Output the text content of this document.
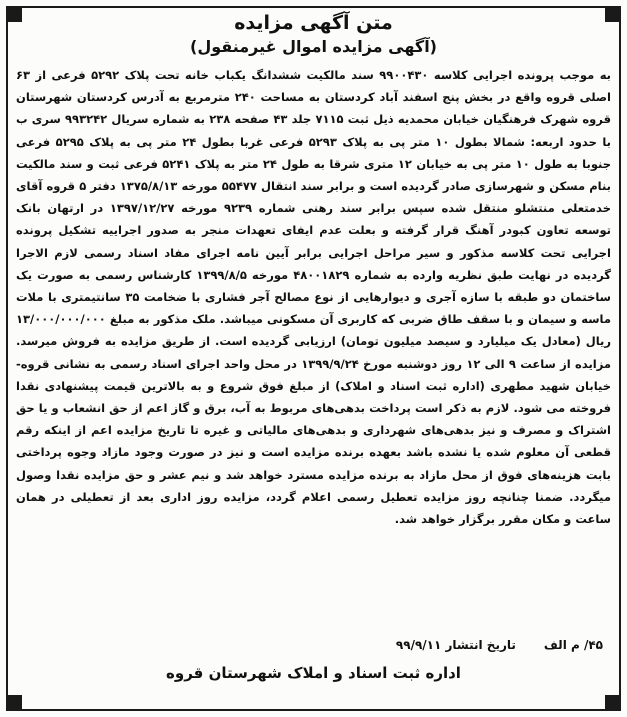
متن آگهی مزایده
(آگهی مزایده اموال غیرمنقول)

به موجب پرونده اجرایی کلاسه ۹۹۰۰۴۳۰ سند مالکیت ششدانگ یکباب خانه تحت پلاک ۵۲۹۲ فرعی از ۶۳ اصلی قروه واقع در بخش پنج اسفند آباد کردستان به مساحت ۲۴۰ مترمربع به آدرس کردستان شهرستان قروه شهرک فرهنگیان خیابان محمدیه ذیل ثبت ۷۱۱۵ جلد ۴۳ صفحه ۲۳۸ به شماره سریال ۹۹۳۲۴۲ سری ب با حدود اربعه: شمالا بطول ۱۰ متر پی به پلاک ۵۲۹۳ فرعی غربا بطول ۲۴ متر پی به پلاک ۵۲۹۵ فرعی جنوبا به طول ۱۰ متر پی به خیابان ۱۲ متری شرقا به طول ۲۴ متر به پلاک ۵۲۴۱ فرعی ثبت و سند مالکیت بنام مسکن و شهرسازی صادر گردیده است و برابر سند انتقال ۵۵۴۷۷ مورخه ۱۳۷۵/۸/۱۳ دفتر ۵ قروه آقای خدمتعلی منتشلو منتقل شده سپس برابر سند رهنی شماره ۹۲۳۹ مورخه ۱۳۹۷/۱۲/۲۷ در ارتهان بانک توسعه تعاون کبودر آهنگ قرار گرفته و بعلت عدم ایفای تعهدات منجر به صدور اجراییه تشکیل پرونده اجرایی تحت کلاسه مذکور و سیر مراحل اجرایی برابر آیین نامه اجرای مفاد اسناد رسمی لازم الاجرا گردیده در نهایت طبق نظریه وارده به شماره ۴۸۰۰۱۸۲۹ مورخه ۱۳۹۹/۸/۵ کارشناس رسمی به صورت یک ساختمان دو طبقه با سازه آجری و دیوارهایی از نوع مصالح آجر فشاری با ضخامت ۳۵ سانتیمتری با ملات ماسه و سیمان و با سقف طاق ضربی که کاربری آن مسکونی میباشد. ملک مذکور به مبلغ ۱۳/۰۰۰/۰۰۰/۰۰۰ ریال (معادل یک میلیارد و سیصد میلیون تومان) ارزیابی گردیده است. از طریق مزایده به فروش میرسد. مزایده از ساعت ۹ الی ۱۲ روز دوشنبه مورخ ۱۳۹۹/۹/۲۴ در محل واحد اجرای اسناد رسمی به نشانی قروه- خیابان شهید مطهری (اداره ثبت اسناد و املاک) از مبلغ فوق شروع و به بالاترین قیمت پیشنهادی نقدا فروخته می شود. لازم به ذکر است پرداخت بدهی‌های مربوط به آب، برق و گاز اعم از حق انشعاب و یا حق اشتراک و مصرف و نیز بدهی‌های شهرداری و بدهی‌های مالیاتی و غیره تا تاریخ مزایده اعم از اینکه رقم قطعی آن معلوم شده یا نشده باشد بعهده برنده مزایده است و نیز در صورت وجود مازاد وجوه پرداختی بابت هزینه‌های فوق از محل مازاد به برنده مزایده مسترد خواهد شد و نیم عشر و حق مزایده نقدا وصول میگردد. ضمنا چنانچه روز مزایده تعطیل رسمی اعلام گردد، مزایده روز اداری بعد از تعطیلی در همان ساعت و مکان مقرر برگزار خواهد شد.

۴۵/ م الف
تاریخ انتشار ۹۹/۹/۱۱
اداره ثبت اسناد و املاک شهرستان قروه
